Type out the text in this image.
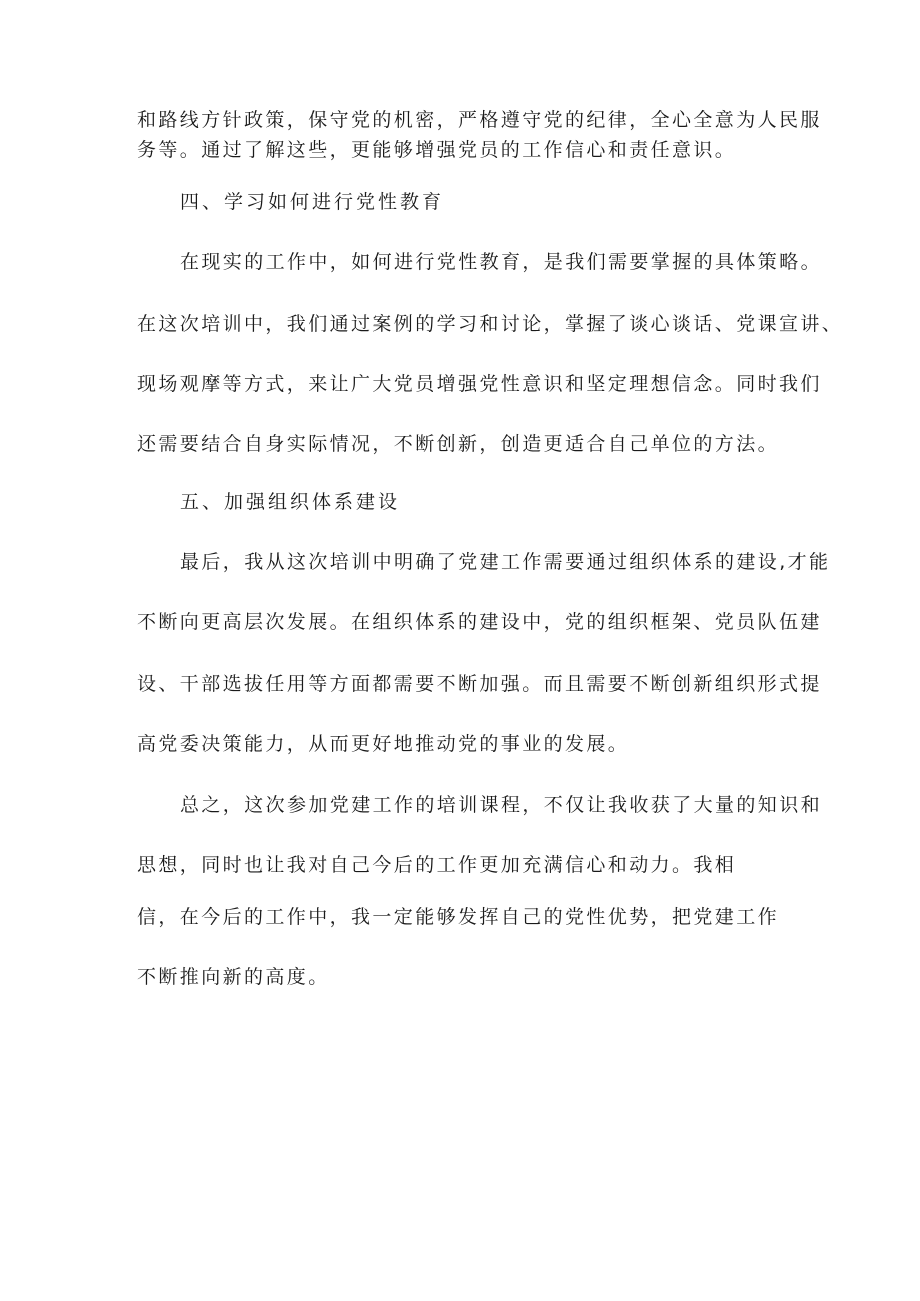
和路线方针政策，保守党的机密，严格遵守党的纪律，全心全意为人民服
务等。通过了解这些，更能够增强党员的工作信心和责任意识。
四、学习如何进行党性教育
在现实的工作中，如何进行党性教育，是我们需要掌握的具体策略。
在这次培训中，我们通过案例的学习和讨论，掌握了谈心谈话、党课宣讲、
现场观摩等方式，来让广大党员增强党性意识和坚定理想信念。同时我们
还需要结合自身实际情况，不断创新，创造更适合自己单位的方法。
五、加强组织体系建设
最后，我从这次培训中明确了党建工作需要通过组织体系的建设,才能
不断向更高层次发展。在组织体系的建设中，党的组织框架、党员队伍建
设、干部选拔任用等方面都需要不断加强。而且需要不断创新组织形式提
高党委决策能力，从而更好地推动党的事业的发展。
总之，这次参加党建工作的培训课程，不仅让我收获了大量的知识和
思想，同时也让我对自己今后的工作更加充满信心和动力。我相
信，在今后的工作中，我一定能够发挥自己的党性优势，把党建工作
不断推向新的高度。
